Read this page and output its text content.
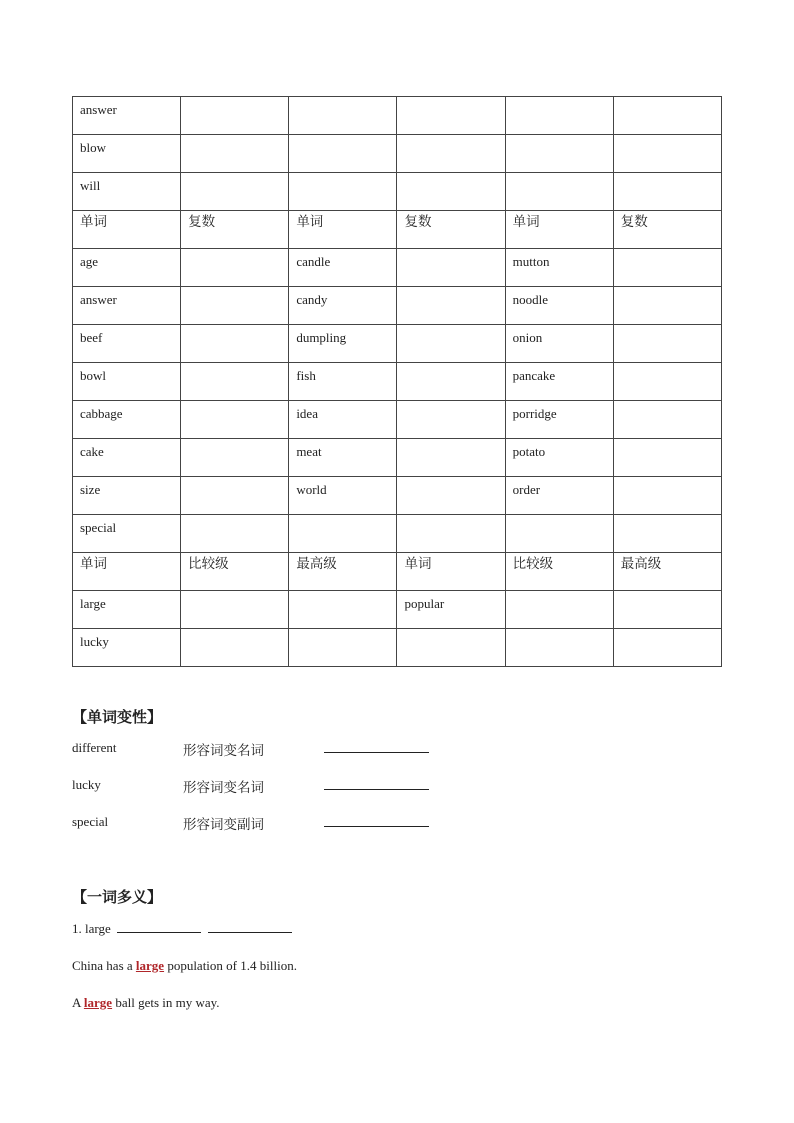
answer					

blow					

will					

单词	复数	单词	复数	单词	复数

age		candle		mutton	

answer		candy		noodle	

beef		dumpling		onion	

bowl		fish		pancake	

cabbage		idea		porridge	

cake		meat		potato	

size		world		order	

special					

单词	比较级	最高级	单词	比较级	最高级

large			popular		

lucky					

【单词变性】
different	形容词变名词
lucky	形容词变名词
special	形容词变副词
【一词多义】
1. large
China has a large population of 1.4 billion.
A large ball gets in my way.
